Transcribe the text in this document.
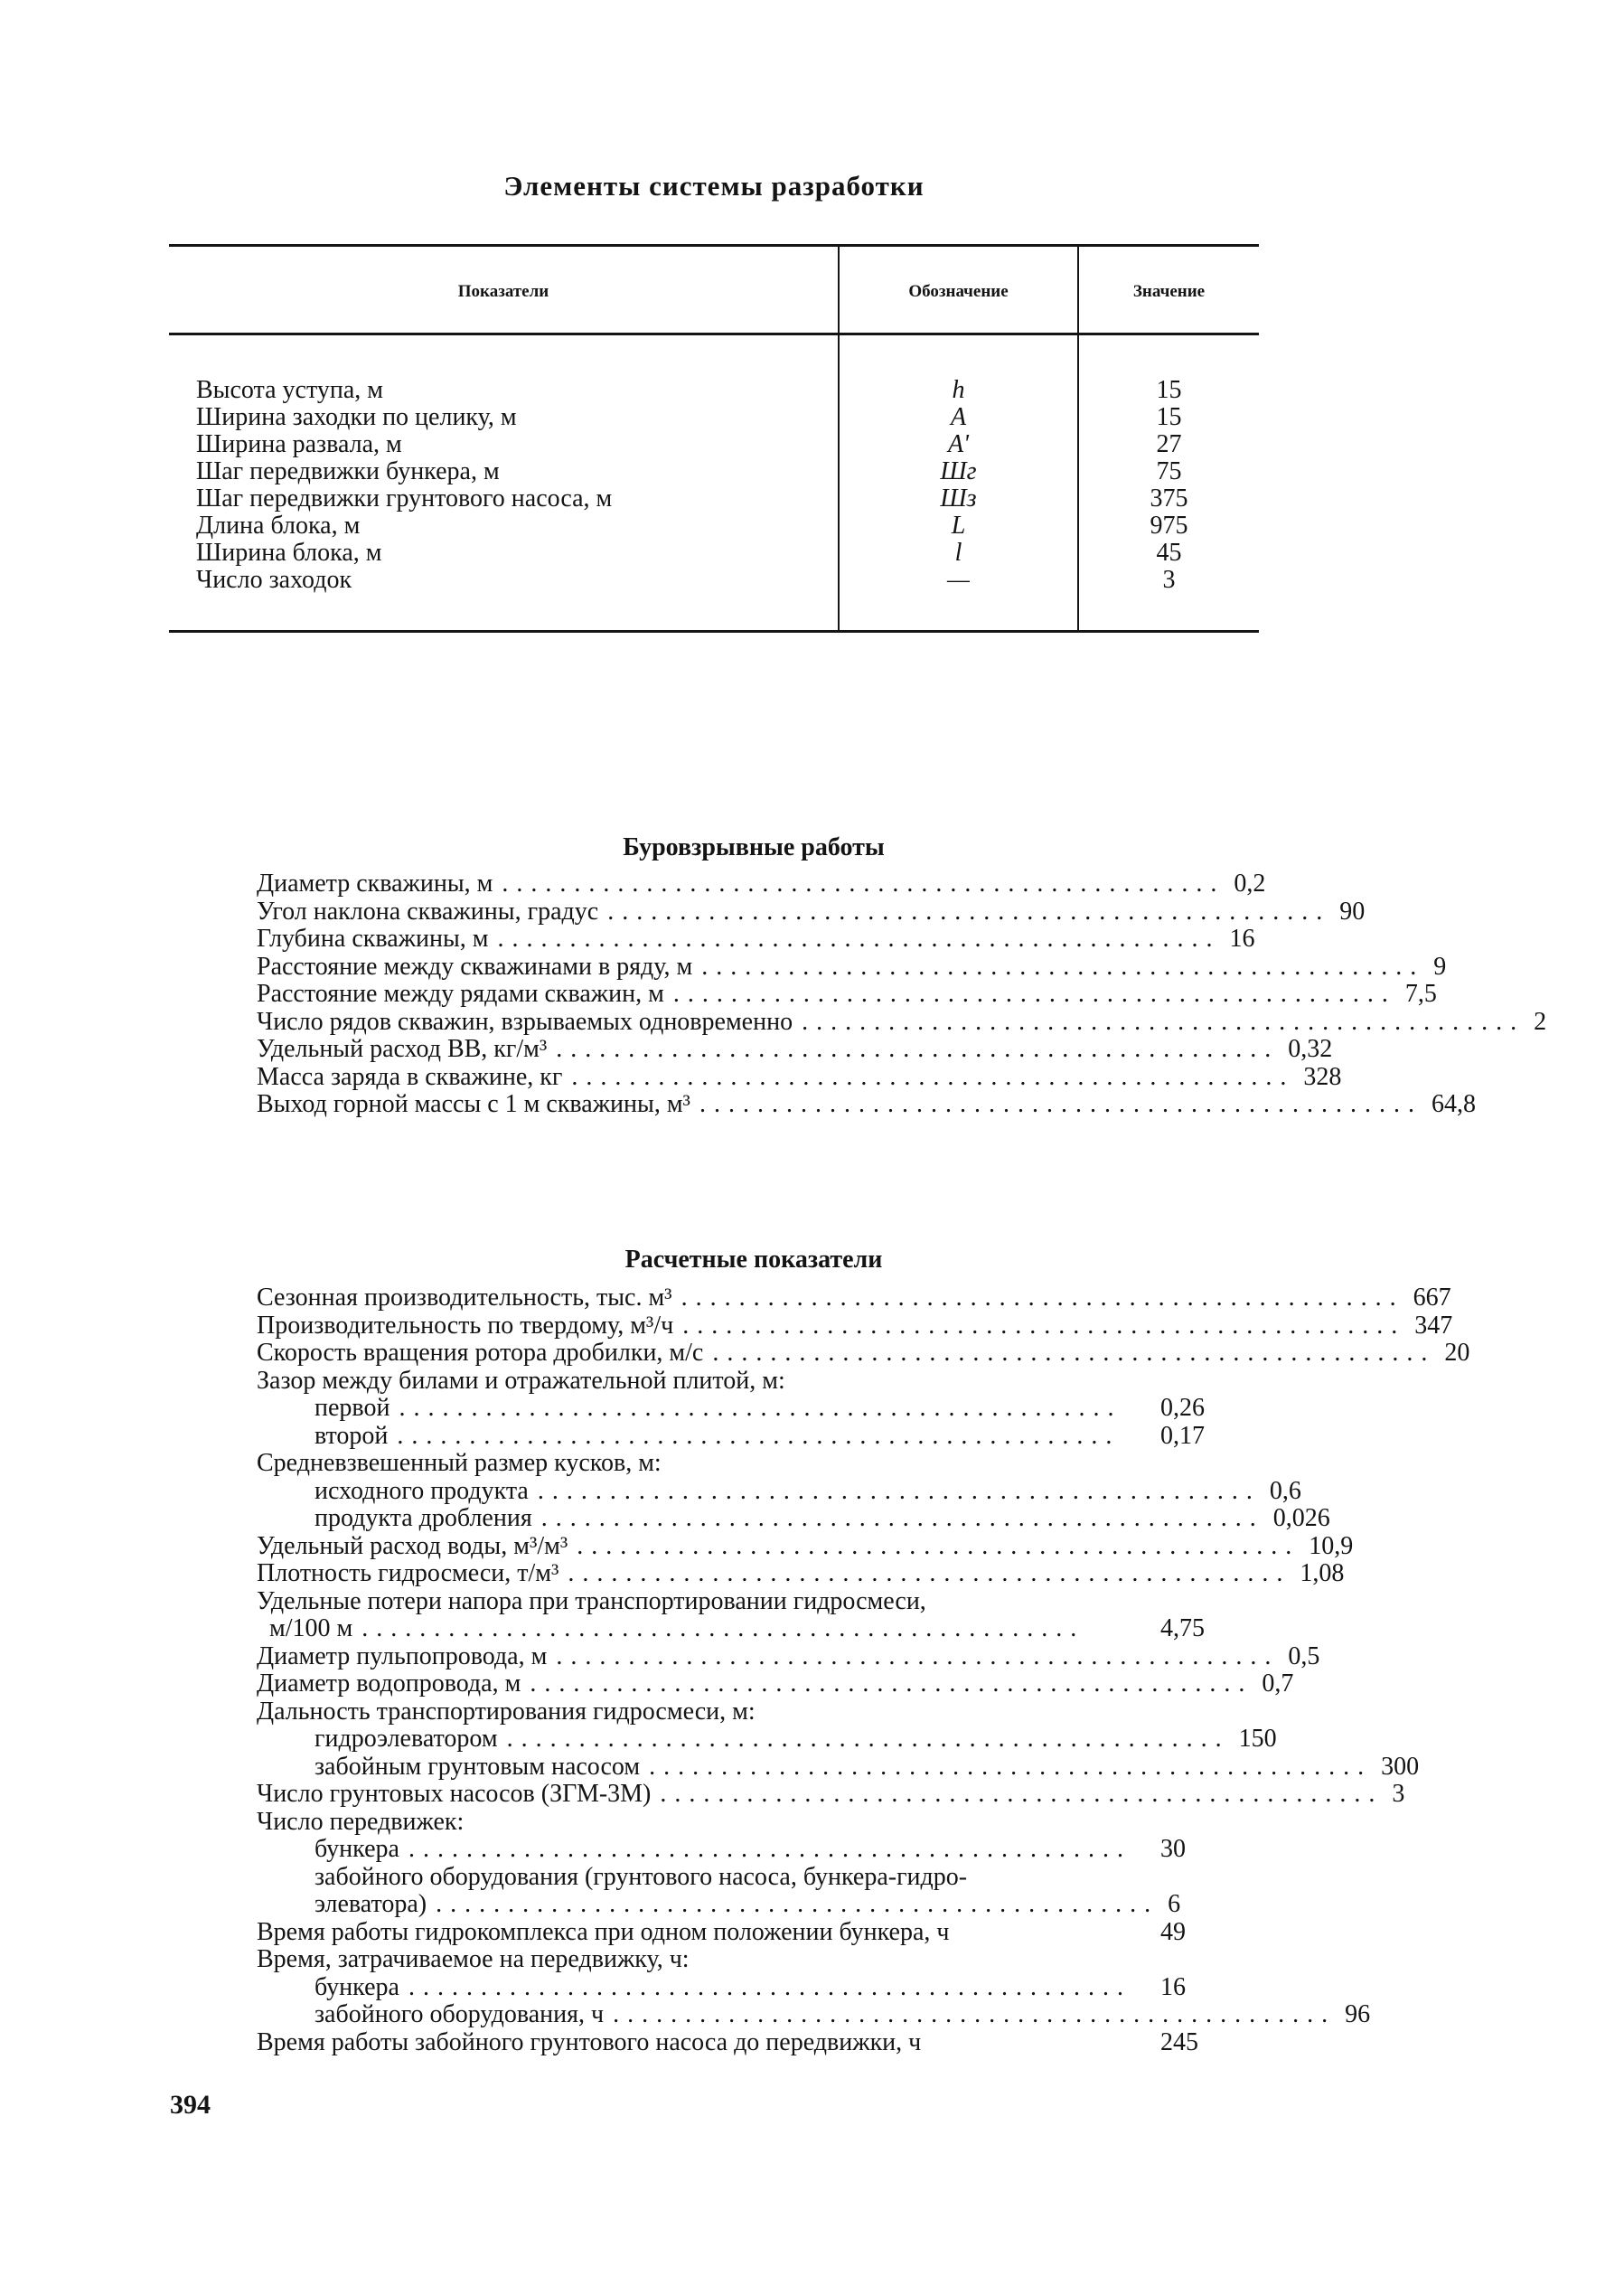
Элементы системы разработки
Показатели	Обозначение	Значение
Высота уступа, м	h	15
Ширина заходки по целику, м	A	15
Ширина развала, м	A'	27
Шаг передвижки бункера, м	Шг	75
Шаг передвижки грунтового насоса, м	Шз	375
Длина блока, м	L	975
Ширина блока, м	l	45
Число заходок	—	3
Буровзрывные работы
Диаметр скважины, м .................................................. 0,2
Угол наклона скважины, градус .................................................. 90
Глубина скважины, м .................................................. 16
Расстояние между скважинами в ряду, м .................................................. 9
Расстояние между рядами скважин, м .................................................. 7,5
Число рядов скважин, взрываемых одновременно .................................................. 2
Удельный расход ВВ, кг/м³ .................................................. 0,32
Масса заряда в скважине, кг .................................................. 328
Выход горной массы с 1 м скважины, м³ .................................................. 64,8
Расчетные показатели
Сезонная производительность, тыс. м³ .................................................. 667
Производительность по твердому, м³/ч .................................................. 347
Скорость вращения ротора дробилки, м/с .................................................. 20
Зазор между билами и отражательной плитой, м:
первой ..................................................	0,26
второй ..................................................	0,17
Средневзвешенный размер кусков, м:
исходного продукта .................................................. 0,6
продукта дробления .................................................. 0,026
Удельный расход воды, м³/м³ .................................................. 10,9
Плотность гидросмеси, т/м³ .................................................. 1,08
Удельные потери напора при транспортировании гидросмеси,
м/100 м ..................................................	4,75
Диаметр пульпопровода, м .................................................. 0,5
Диаметр водопровода, м .................................................. 0,7
Дальность транспортирования гидросмеси, м:
гидроэлеватором .................................................. 150
забойным грунтовым насосом .................................................. 300
Число грунтовых насосов (ЗГМ-3М) .................................................. 3
Число передвижек:
бункера ..................................................	30
забойного оборудования (грунтового насоса, бункера-гидро-
элеватора) .................................................. 6
Время работы гидрокомплекса при одном положении бункера, ч	49
Время, затрачиваемое на передвижку, ч:
бункера ..................................................	16
забойного оборудования, ч .................................................. 96
Время работы забойного грунтового насоса до передвижки, ч	245
394
